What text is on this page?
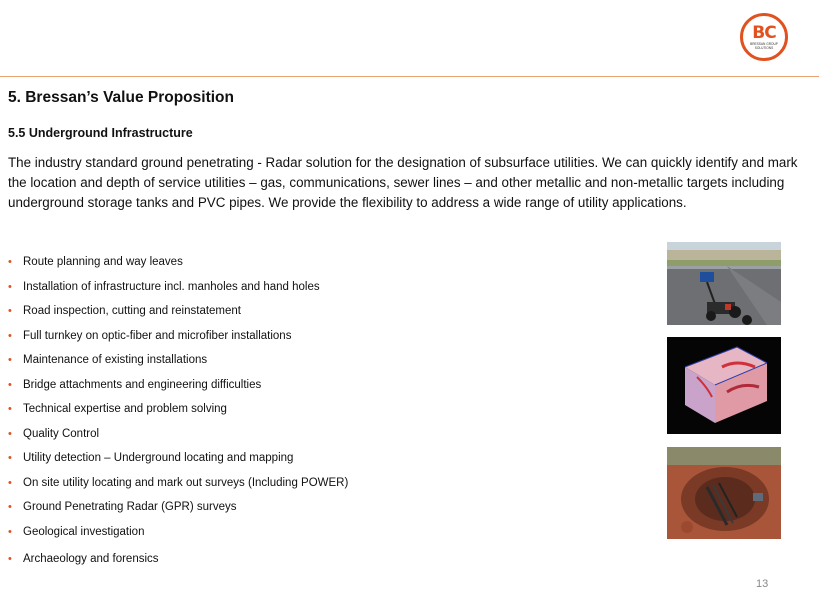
BC
BRESSAN GROUP SOLUTIONS
5. Bressan’s Value Proposition
5.5 Underground Infrastructure

The industry standard ground penetrating - Radar solution for the designation of subsurface utilities. We can quickly identify and mark the location and depth of service utilities – gas, communications, sewer lines – and other metallic and non-metallic targets including underground storage tanks and PVC pipes. We provide the flexibility to address a wide range of utility applications.

• Route planning and way leaves
• Installation of infrastructure incl. manholes and hand holes
• Road inspection, cutting and reinstatement
• Full turnkey on optic-fiber and microfiber installations
• Maintenance of existing installations
• Bridge attachments and engineering difficulties
• Technical expertise and problem solving
• Quality Control
• Utility detection – Underground locating and mapping
• On site utility locating and mark out surveys (Including POWER)
• Ground Penetrating Radar (GPR) surveys
• Geological investigation
• Archaeology and forensics
13
